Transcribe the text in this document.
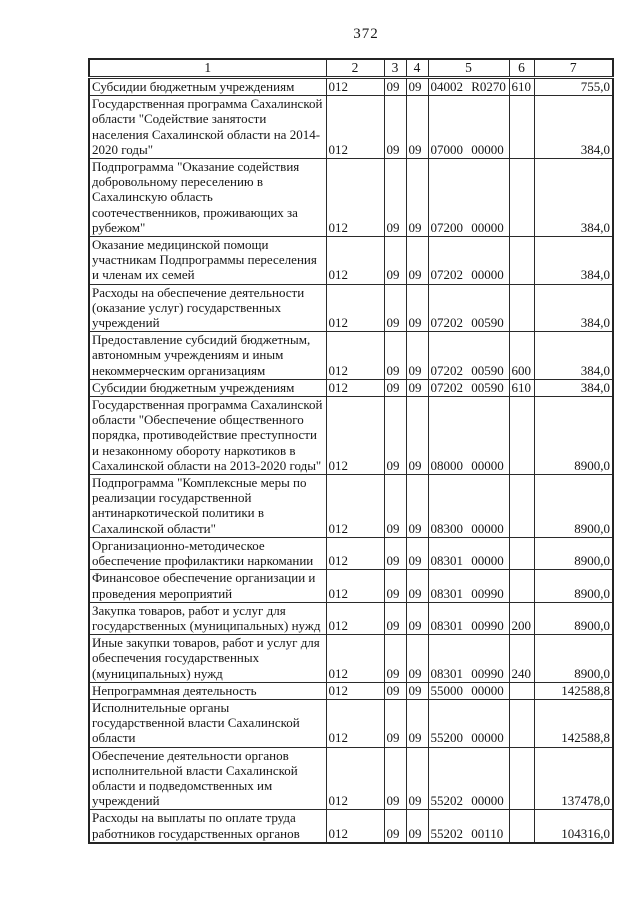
372
1	2	3	4	5	6	7
Субсидии бюджетным учреждениям	012	09	09	04002 R0270	610	755,0
Государственная программа Сахалинской области "Содействие занятости населения Сахалинской области на 2014-2020 годы"	012	09	09	07000 00000		384,0
Подпрограмма "Оказание содействия добровольному переселению в Сахалинскую область соотечественников, проживающих за рубежом"	012	09	09	07200 00000		384,0
Оказание медицинской помощи участникам Подпрограммы переселения и членам их семей	012	09	09	07202 00000		384,0
Расходы на обеспечение деятельности (оказание услуг) государственных учреждений	012	09	09	07202 00590		384,0
Предоставление субсидий бюджетным, автономным учреждениям и иным некоммерческим организациям	012	09	09	07202 00590	600	384,0
Субсидии бюджетным учреждениям	012	09	09	07202 00590	610	384,0
Государственная программа Сахалинской области "Обеспечение общественного порядка, противодействие преступности и незаконному обороту наркотиков в Сахалинской области на 2013-2020 годы"	012	09	09	08000 00000		8900,0
Подпрограмма "Комплексные меры по реализации государственной антинаркотической политики в Сахалинской области"	012	09	09	08300 00000		8900,0
Организационно-методическое обеспечение профилактики наркомании	012	09	09	08301 00000		8900,0
Финансовое обеспечение организации и проведения мероприятий	012	09	09	08301 00990		8900,0
Закупка товаров, работ и услуг для государственных (муниципальных) нужд	012	09	09	08301 00990	200	8900,0
Иные закупки товаров, работ и услуг для обеспечения государственных (муниципальных) нужд	012	09	09	08301 00990	240	8900,0
Непрограммная деятельность	012	09	09	55000 00000		142588,8
Исполнительные органы государственной власти Сахалинской области	012	09	09	55200 00000		142588,8
Обеспечение деятельности органов исполнительной власти Сахалинской области и подведомственных им учреждений	012	09	09	55202 00000		137478,0
Расходы на выплаты по оплате труда работников государственных органов	012	09	09	55202 00110		104316,0
